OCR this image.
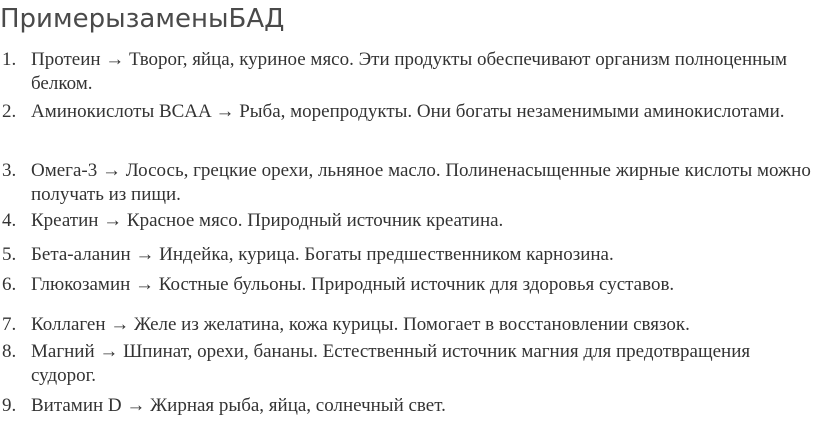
ПримерызаменыБАД
1. Протеин → Творог, яйца, куриное мясо. Эти продукты обеспечивают организм полноценным белком.
2. Аминокислоты BCAA → Рыба, морепродукты. Они богаты незаменимыми аминокислотами.
3. Омега-3 → Лосось, грецкие орехи, льняное масло. Полиненасыщенные жирные кислоты можно получать из пищи.
4. Креатин → Красное мясо. Природный источник креатина.
5. Бета-аланин → Индейка, курица. Богаты предшественником карнозина.
6. Глюкозамин → Костные бульоны. Природный источник для здоровья суставов.
7. Коллаген → Желе из желатина, кожа курицы. Помогает в восстановлении связок.
8. Магний → Шпинат, орехи, бананы. Естественный источник магния для предотвращения судорог.
9. Витамин D → Жирная рыба, яйца, солнечный свет.
